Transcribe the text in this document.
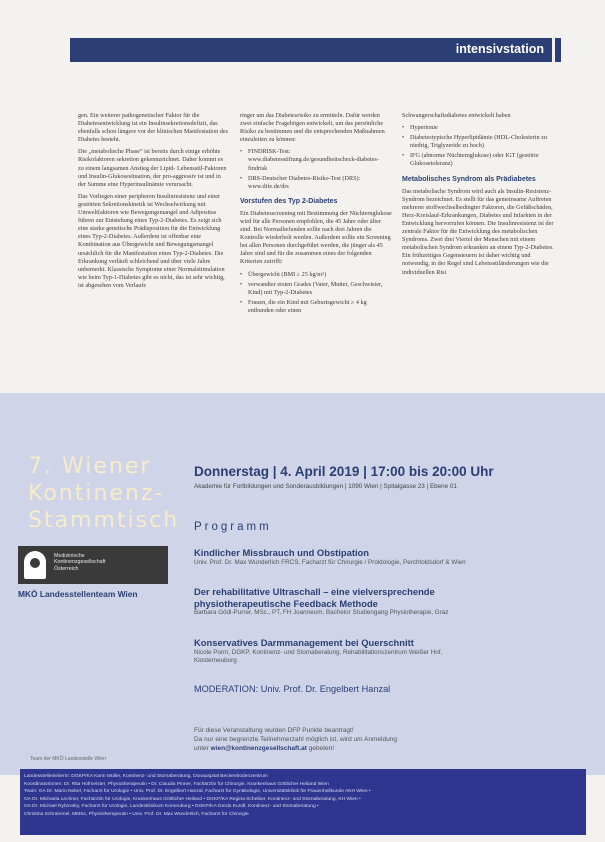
intensivstation

gen. Ein weiterer pathogenetischer Faktor für die Diabetesentwicklung ist ein Insulinsekretionsdefizit, das ebenfalls schon längere vor der klinischen Manifestation des Diabetes besteht.

Die „metabolische Phase“ ist bereits durch einige erhöhte Risikofaktoren sekretion gekennzeichnet. Daher kommt es zu einem langsamen Anstieg der Lipid- Lebensstil-Faktoren und Insulin-Glukosesituation, der pro-aggressiv ist und in der Summe eine Hyperinsulinämie verursacht.

Das Vorliegen einer peripheren Insulinresistenz und einer gestörten Sekretionskinetik ist Wechselwirkung mit Umweltfaktoren wie Bewegungsmangel und Adipositas führen zur Entstehung eines Typ-2-Diabetes. Es zeigt sich eine starke genetische Prädisposition für die Entwicklung eines Typ-2-Diabetes. Außerdem ist offenbar eine Kombination aus Übergewicht und Bewegungsmangel ursächlich für die Manifestation eines Typ-2-Diabetes. Die Erkrankung verläuft schleichend und über viele Jahre unbemerkt. Klassische Symptome einer Normalstimulation wie beim Typ-1-Diabetes gibt es nicht, das ist sehr wichtig, ist abgesehen vom Verlaufe

ringer um das Diabetesrisiko zu ermitteln. Dafür werden zwei einfache Fragebögen entwickelt, um das persönliche Risiko zu bestimmen und die entsprechenden Maßnahmen einzuleiten zu können:

• FINDRISK-Test: www.diabetesstiftung.de/gesundheitscheck-diabetes-findrisk
• DRS-Deutscher Diabetes-Risiko-Test (DRS): www.dife.de/drs
Vorstufen des Typ 2-Diabetes

Ein Diabetesscreening mit Bestimmung der Nüchternglukose wird für alle Personen empfohlen, die 45 Jahre oder älter sind. Bei Normalbefunden sollte nach drei Jahren die Kontrolle wiederholt werden. Außerdem sollte ein Screening bei allen Personen durchgeführt werden, die jünger als 45 Jahre sind und für die zusammen eines der folgenden Kriterien zutrifft:

• Übergewicht (BMI ≥ 25 kg/m²)
• verwandter ersten Grades (Vater, Mutter, Geschwister, Kind) mit Typ-2-Diabetes
• Frauen, die ein Kind mit Geburtsgewicht ≥ 4 kg entbunden oder einen

Schwangerschaftsdiabetes entwickelt haben

• Hypertonie
• Diabetestypische Hyperlipidämie (HDL-Cholesterin zu niedrig, Triglyzeride zu hoch)
• IFG (abnorme Nüchternglukose) oder IGT (gestörte Glukosetoleranz)
Metabolisches Syndrom als Prädiabetes

Das metabolische Syndrom wird auch als Insulin-Resistenz-Syndrom bezeichnet. Es stellt für das gemeinsame Auftreten mehrerer stoffwechselbedingter Faktoren, die Gefäßschäden, Herz-Kreislauf-Erkrankungen, Diabetes und Infarkten in der Entwicklung hervorrufen können. Die Insulinresistenz ist der zentrale Faktor für die Entwicklung des metabolischen Syndroms. Zwei drei Viertel der Menschen mit einem metabolischen Syndrom erkranken an einem Typ-2-Diabetes. Ein frühzeitiges Gegensteuern ist daher wichtig und notwendig, in der Regel sind Lebensstiländerungen wie die individuellen Risi

7. Wiener
Kontinenz-
Stammtisch
Medizinische
Kontinenzgesellschaft
Österreich
MKÖ Landesstellenteam Wien
Donnerstag | 4. April 2019 | 17:00 bis 20:00 Uhr
Akademie für Fortbildungen und Sonderausbildungen | 1090 Wien | Spitalgasse 23 | Ebene 01
Programm
Kindlicher Missbrauch und Obstipation
Univ. Prof. Dr. Max Wunderlich FRCS, Facharzt für Chirurgie / Proktologie, Perchtoldsdorf & Wien
Der rehabilitative Ultraschall – eine vielversprechende
physiotherapeutische Feedback Methode
Barbara Gödl-Purrer, MSc., PT, FH Joanneum, Bachelor Studiengang Physiotherapie, Graz
Konservatives Darmmanagement bei Querschnitt
Nicole Porm, DGKP, Kontinenz- und Stomaberatung, Rehabilitationszentrum Weißer Hof,
Klosterneuburg
MODERATION: Univ. Prof. Dr. Engelbert Hanzal
Für diese Veranstaltung wurden DFP Punkte beantragt!
Da nur eine begrenzte Teilnehmerzahl möglich ist, wird um Anmeldung
unter wien@kontinenzgesellschaft.at gebeten!
Team der MKÖ Landesstelle Wien
Landesstellenleiterin: DGKP/KA Karin Müller, Kontinenz- und Stomaberatung, Donauspital Beckenbodenzentrum
Koordinatorinnen: Dr. Rita Hofmeister, Physiotherapeutin • Dr. Claudia Pinner, Fachärztin für Chirurgie, Krankenhaus Göttlicher Heiland Wien
Team: OA Dr. Mario Nebel, Facharzt für Urologie • Univ. Prof. Dr. Engelbert Hanzal, Facharzt für Gynäkologie, Universitätsklinik für Frauenheilkunde AKH Wien •
OA Dr. Michaela Lechner, Fachärztin für Urologie, Krankenhaus Göttlicher Heiland • DGKP/KA Regina Scheiber, Kontinenz- und Stomaberatung, KH Wien •
OA Dr. Michael Rybovsky, Facharzt für Urologie, Landesklinikum Korneuburg • DGKP/KA Gerda Kundl, Kontinenz- und Stomaberatung •
Christina Schrammel, MMSc, Physiotherapeutin • Univ. Prof. Dr. Max Wunderlich, Facharzt für Chirurgie
